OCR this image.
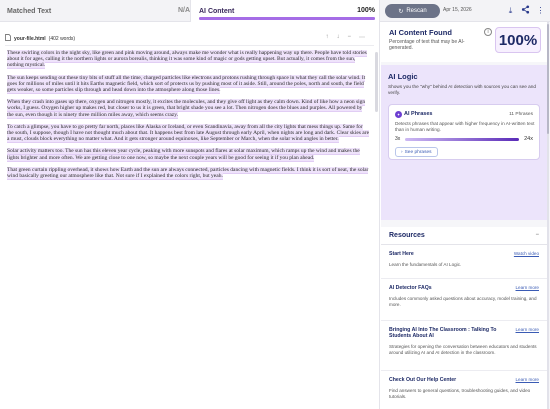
Matched Text	N/A AI Content	100%	↻ Rescan	Apr 15, 2026	⤓	⋮
your-file.html (402 words)	↑ ↓ − ⋯

These swirling colors in the night sky, like green and pink moving around, always make me wonder what is really happening way up there. People have told stories about it for ages, calling it the northern lights or aurora borealis, thinking it was some kind of magic or gods getting upset. But actually, it comes from the sun, nothing mystical.

The sun keeps sending out these tiny bits of stuff all the time, charged particles like electrons and protons rushing through space in what they call the solar wind. It goes for millions of miles until it hits Earths magnetic field, which sort of protects us by pushing most of it aside. Still, around the poles, north and south, the field gets weaker, so some particles slip through and head down into the atmosphere along those lines.

When they crash into gases up there, oxygen and nitrogen mostly, it excites the molecules, and they give off light as they calm down. Kind of like how a neon sign works, I guess. Oxygen higher up makes red, but closer to us it is green, that bright shade you see a lot. Then nitrogen does the blues and purples. All powered by the sun, even though it is ninety three million miles away, which seems crazy.

To catch a glimpse, you have to go pretty far north, places like Alaska or Iceland, or even Scandinavia, away from all the city lights that mess things up. Same for the south, I suppose, though I have not thought much about that. It happens best from late August through early April, when nights are long and dark. Clear skies are a must, clouds block everything no matter what. And it gets stronger around equinoxes, like September or March, when the solar wind angles in better.

Solar activity matters too. The sun has this eleven year cycle, peaking with more sunspots and flares at solar maximum, which ramps up the wind and makes the lights brighter and more often. We are getting close to one now, so maybe the next couple years will be good for seeing it if you plan ahead.

That green curtain rippling overhead, it shows how Earth and the sun are always connected, particles dancing with magnetic fields. I think it is sort of neat, the solar wind basically greeting our atmosphere like that. Not sure if I explained the colors right, but yeah.

AI Content Found	i
Percentage of text that may be AI-generated.	100%
AI Logic
Shows you the "why" behind AI detection with sources you can see and verify.
✦ AI Phrases	11 Phrases
Detects phrases that appear with higher frequency in AI-written text than in human writing.
3x	24x
› See phrases
Resources	−
Start Here	Watch video
Learn the fundamentals of AI Logic.
AI Detector FAQs	Learn more
Includes commonly asked questions about accuracy, model training, and more.
Bringing AI Into The Classroom : Talking To Students About AI
Learn more
Strategies for opening the conversation between educators and students around utilizing AI and AI detection in the classroom.
Check Out Our Help Center	Learn more
Find answers to general questions, troubleshooting guides, and video tutorials.
